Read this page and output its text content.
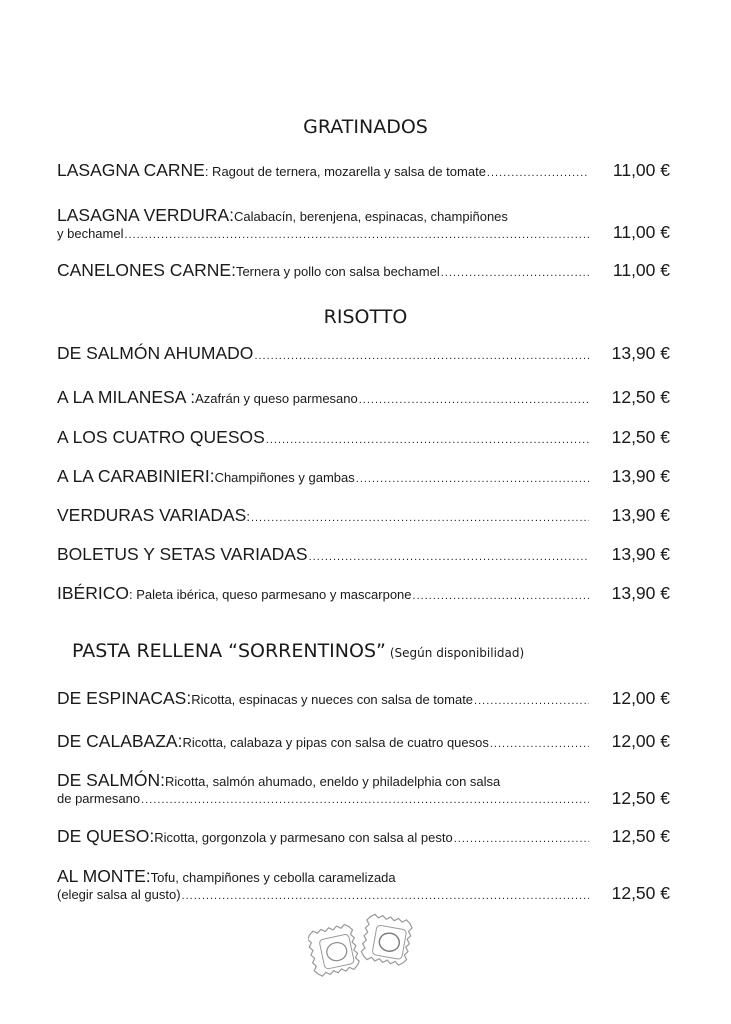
GRATINADOS
LASAGNA CARNE : Ragout de ternera, mozarella y salsa de tomate .....	11,00 €
LASAGNA VERDURA: Calabacín, berenjena, espinacas, champiñones
y bechamel .....	11,00 €
CANELONES CARNE: Ternera y pollo con salsa bechamel .....	11,00 €
RISOTTO
DE SALMÓN AHUMADO .....	13,90 €
A LA MILANESA : Azafrán y queso parmesano .....	12,50 €
A LOS CUATRO QUESOS .....	12,50 €
A LA CARABINIERI: Champiñones y gambas .....	13,90 €
VERDURAS VARIADAS : .....	13,90 €
BOLETUS Y SETAS VARIADAS .....	13,90 €
IBÉRICO : Paleta ibérica, queso parmesano y mascarpone .....	13,90 €
PASTA RELLENA “SORRENTINOS” (Según disponibilidad)
DE ESPINACAS: Ricotta, espinacas y nueces con salsa de tomate .....	12,00 €
DE CALABAZA: Ricotta, calabaza y pipas con salsa de cuatro quesos .....	12,00 €
DE SALMÓN: Ricotta, salmón ahumado, eneldo y philadelphia con salsa
de parmesano .....	12,50 €
DE QUESO: Ricotta, gorgonzola y parmesano con salsa al pesto .....	12,50 €
AL MONTE: Tofu, champiñones y cebolla caramelizada
(elegir salsa al gusto) .....	12,50 €
